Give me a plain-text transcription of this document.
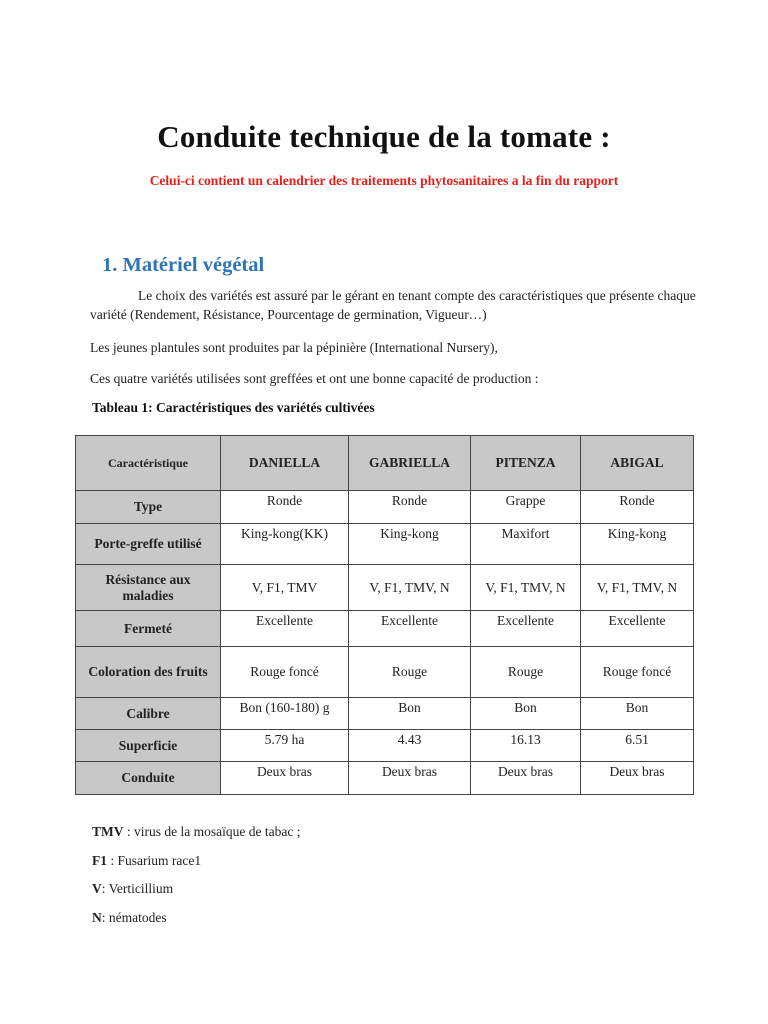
Conduite technique de la tomate :

Celui-ci contient un calendrier des traitements phytosanitaires a la fin du rapport

1. Matériel végétal

Le choix des variétés est assuré par le gérant en tenant compte des caractéristiques que présente chaque variété (Rendement, Résistance, Pourcentage de germination, Vigueur…)

Les jeunes plantules sont produites par la pépinière (International Nursery),

Ces quatre variétés utilisées sont greffées et ont une bonne capacité de production :

Tableau 1: Caractéristiques des variétés cultivées

Caractéristique	DANIELLA	GABRIELLA	PITENZA	ABIGAL
Type	Ronde	Ronde	Grappe	Ronde
Porte-greffe utilisé	King-kong(KK)	King-kong	Maxifort	King-kong
Résistance aux maladies	V, F1, TMV	V, F1, TMV, N	V, F1, TMV, N	V, F1, TMV, N
Fermeté	Excellente	Excellente	Excellente	Excellente
Coloration des fruits	Rouge foncé	Rouge	Rouge	Rouge foncé
Calibre	Bon (160-180) g	Bon	Bon	Bon
Superficie	5.79 ha	4.43	16.13	6.51
Conduite	Deux bras	Deux bras	Deux bras	Deux bras

TMV : virus de la mosaïque de tabac ;

F1 : Fusarium race1

V: Verticillium

N: nématodes
